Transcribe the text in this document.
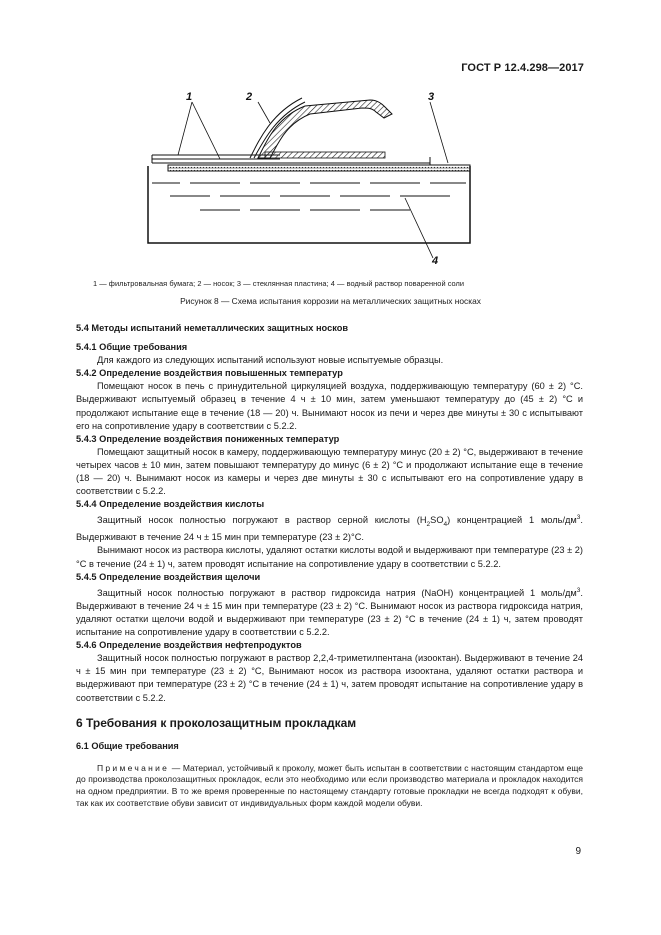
ГОСТ Р 12.4.298—2017
1	2	3
4
1 — фильтровальная бумага; 2 — носок; 3 — стеклянная пластина; 4 — водный раствор поваренной соли
Рисунок 8 — Схема испытания коррозии на металлических защитных носках
5.4 Методы испытаний неметаллических защитных носков
5.4.1 Общие требования

Для каждого из следующих испытаний используют новые испытуемые образцы.

5.4.2 Определение воздействия повышенных температур

Помещают носок в печь с принудительной циркуляцией воздуха, поддерживающую температуру (60 ± 2) °С. Выдерживают испытуемый образец в течение 4 ч ± 10 мин, затем уменьшают температуру до (45 ± 2) °С и продолжают испытание еще в течение (18 — 20) ч. Вынимают носок из печи и через две минуты ± 30 с испытывают его на сопротивление удару в соответствии с 5.2.2.

5.4.3 Определение воздействия пониженных температур

Помещают защитный носок в камеру, поддерживающую температуру минус (20 ± 2) °С, выдерживают в течение четырех часов ± 10 мин, затем повышают температуру до минус (6 ± 2) °С и продолжают испытание еще в течение (18 — 20) ч. Вынимают носок из камеры и через две минуты ± 30 с испытывают его на сопротивление удару в соответствии с 5.2.2.

5.4.4 Определение воздействия кислоты

Защитный носок полностью погружают в раствор серной кислоты $(H_2SO_4)$ концентрацией 1 моль/$дм^3$. Выдерживают в течение 24 ч ± 15 мин при температуре (23 ± 2)°С.

Вынимают носок из раствора кислоты, удаляют остатки кислоты водой и выдерживают при температуре (23 ± 2) °С в течение (24 ± 1) ч, затем проводят испытание на сопротивление удару в соответствии с 5.2.2.

5.4.5 Определение воздействия щелочи

Защитный носок полностью погружают в раствор гидроксида натрия (NaOH) концентрацией 1 моль/$дм^3$. Выдерживают в течение 24 ч ± 15 мин при температуре (23 ± 2) °С. Вынимают носок из раствора гидроксида натрия, удаляют остатки щелочи водой и выдерживают при температуре (23 ± 2) °С в течение (24 ± 1) ч, затем проводят испытание на сопротивление удару в соответствии с 5.2.2.

5.4.6 Определение воздействия нефтепродуктов

Защитный носок полностью погружают в раствор 2,2,4-триметилпентана (изооктан). Выдерживают в течение 24 ч ± 15 мин при температуре (23 ± 2) °С, Вынимают носок из раствора изооктана, удаляют остатки раствора и выдерживают при температуре (23 ± 2) °С в течение (24 ± 1) ч, затем проводят испытание на сопротивление удару в соответствии с 5.2.2.

6 Требования к проколозащитным прокладкам
6.1 Общие требования

Примечание — Материал, устойчивый к проколу, может быть испытан в соответствии с настоящим стандартом еще до производства проколозащитных прокладок, если это необходимо или если производство материала и прокладок находится на одном предприятии. В то же время проверенные по настоящему стандарту готовые прокладки не всегда подходят к обуви, так как их соответствие обуви зависит от индивидуальных форм каждой модели обуви.

9
